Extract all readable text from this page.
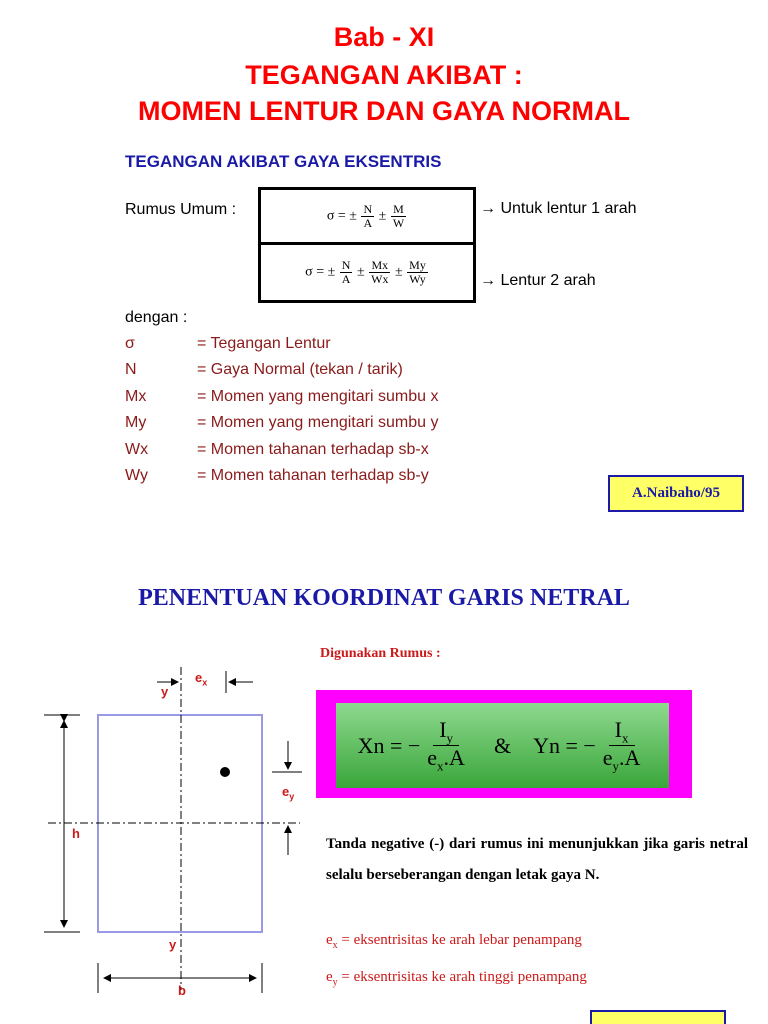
Bab - XI
TEGANGAN AKIBAT :
MOMEN LENTUR DAN GAYA NORMAL
TEGANGAN AKIBAT GAYA EKSENTRIS
Rumus Umum :	σ = ± $\frac{N}{A} \pm \frac{M}{W}$
σ = ± $\frac{N}{A} \pm \frac{Mx}{Wx} \pm \frac{My}{Wy}$
→ Untuk lentur 1 arah
→ Lentur 2 arah
dengan :
σ	= Tegangan Lentur
N	= Gaya Normal (tekan / tarik)
Mx	= Momen yang mengitari sumbu x
My	= Momen yang mengitari sumbu y
Wx	= Momen tahanan terhadap sb-x
Wy	= Momen tahanan terhadap sb-y
A.Naibaho/95
PENENTUAN KOORDINAT GARIS NETRAL
Digunakan Rumus :
Xn = − $\frac{I_y}{e_x.A}$ & Yn = − $\frac{I_x}{e_y.A}$
Tanda negative (-) dari rumus ini menunjukkan jika garis netral selalu berseberangan dengan letak gaya N.
$e_x$ = eksentrisitas ke arah lebar penampang
$e_y$ = eksentrisitas ke arah tinggi penampang
y
$e_x$
$e_y$
h
y
b
